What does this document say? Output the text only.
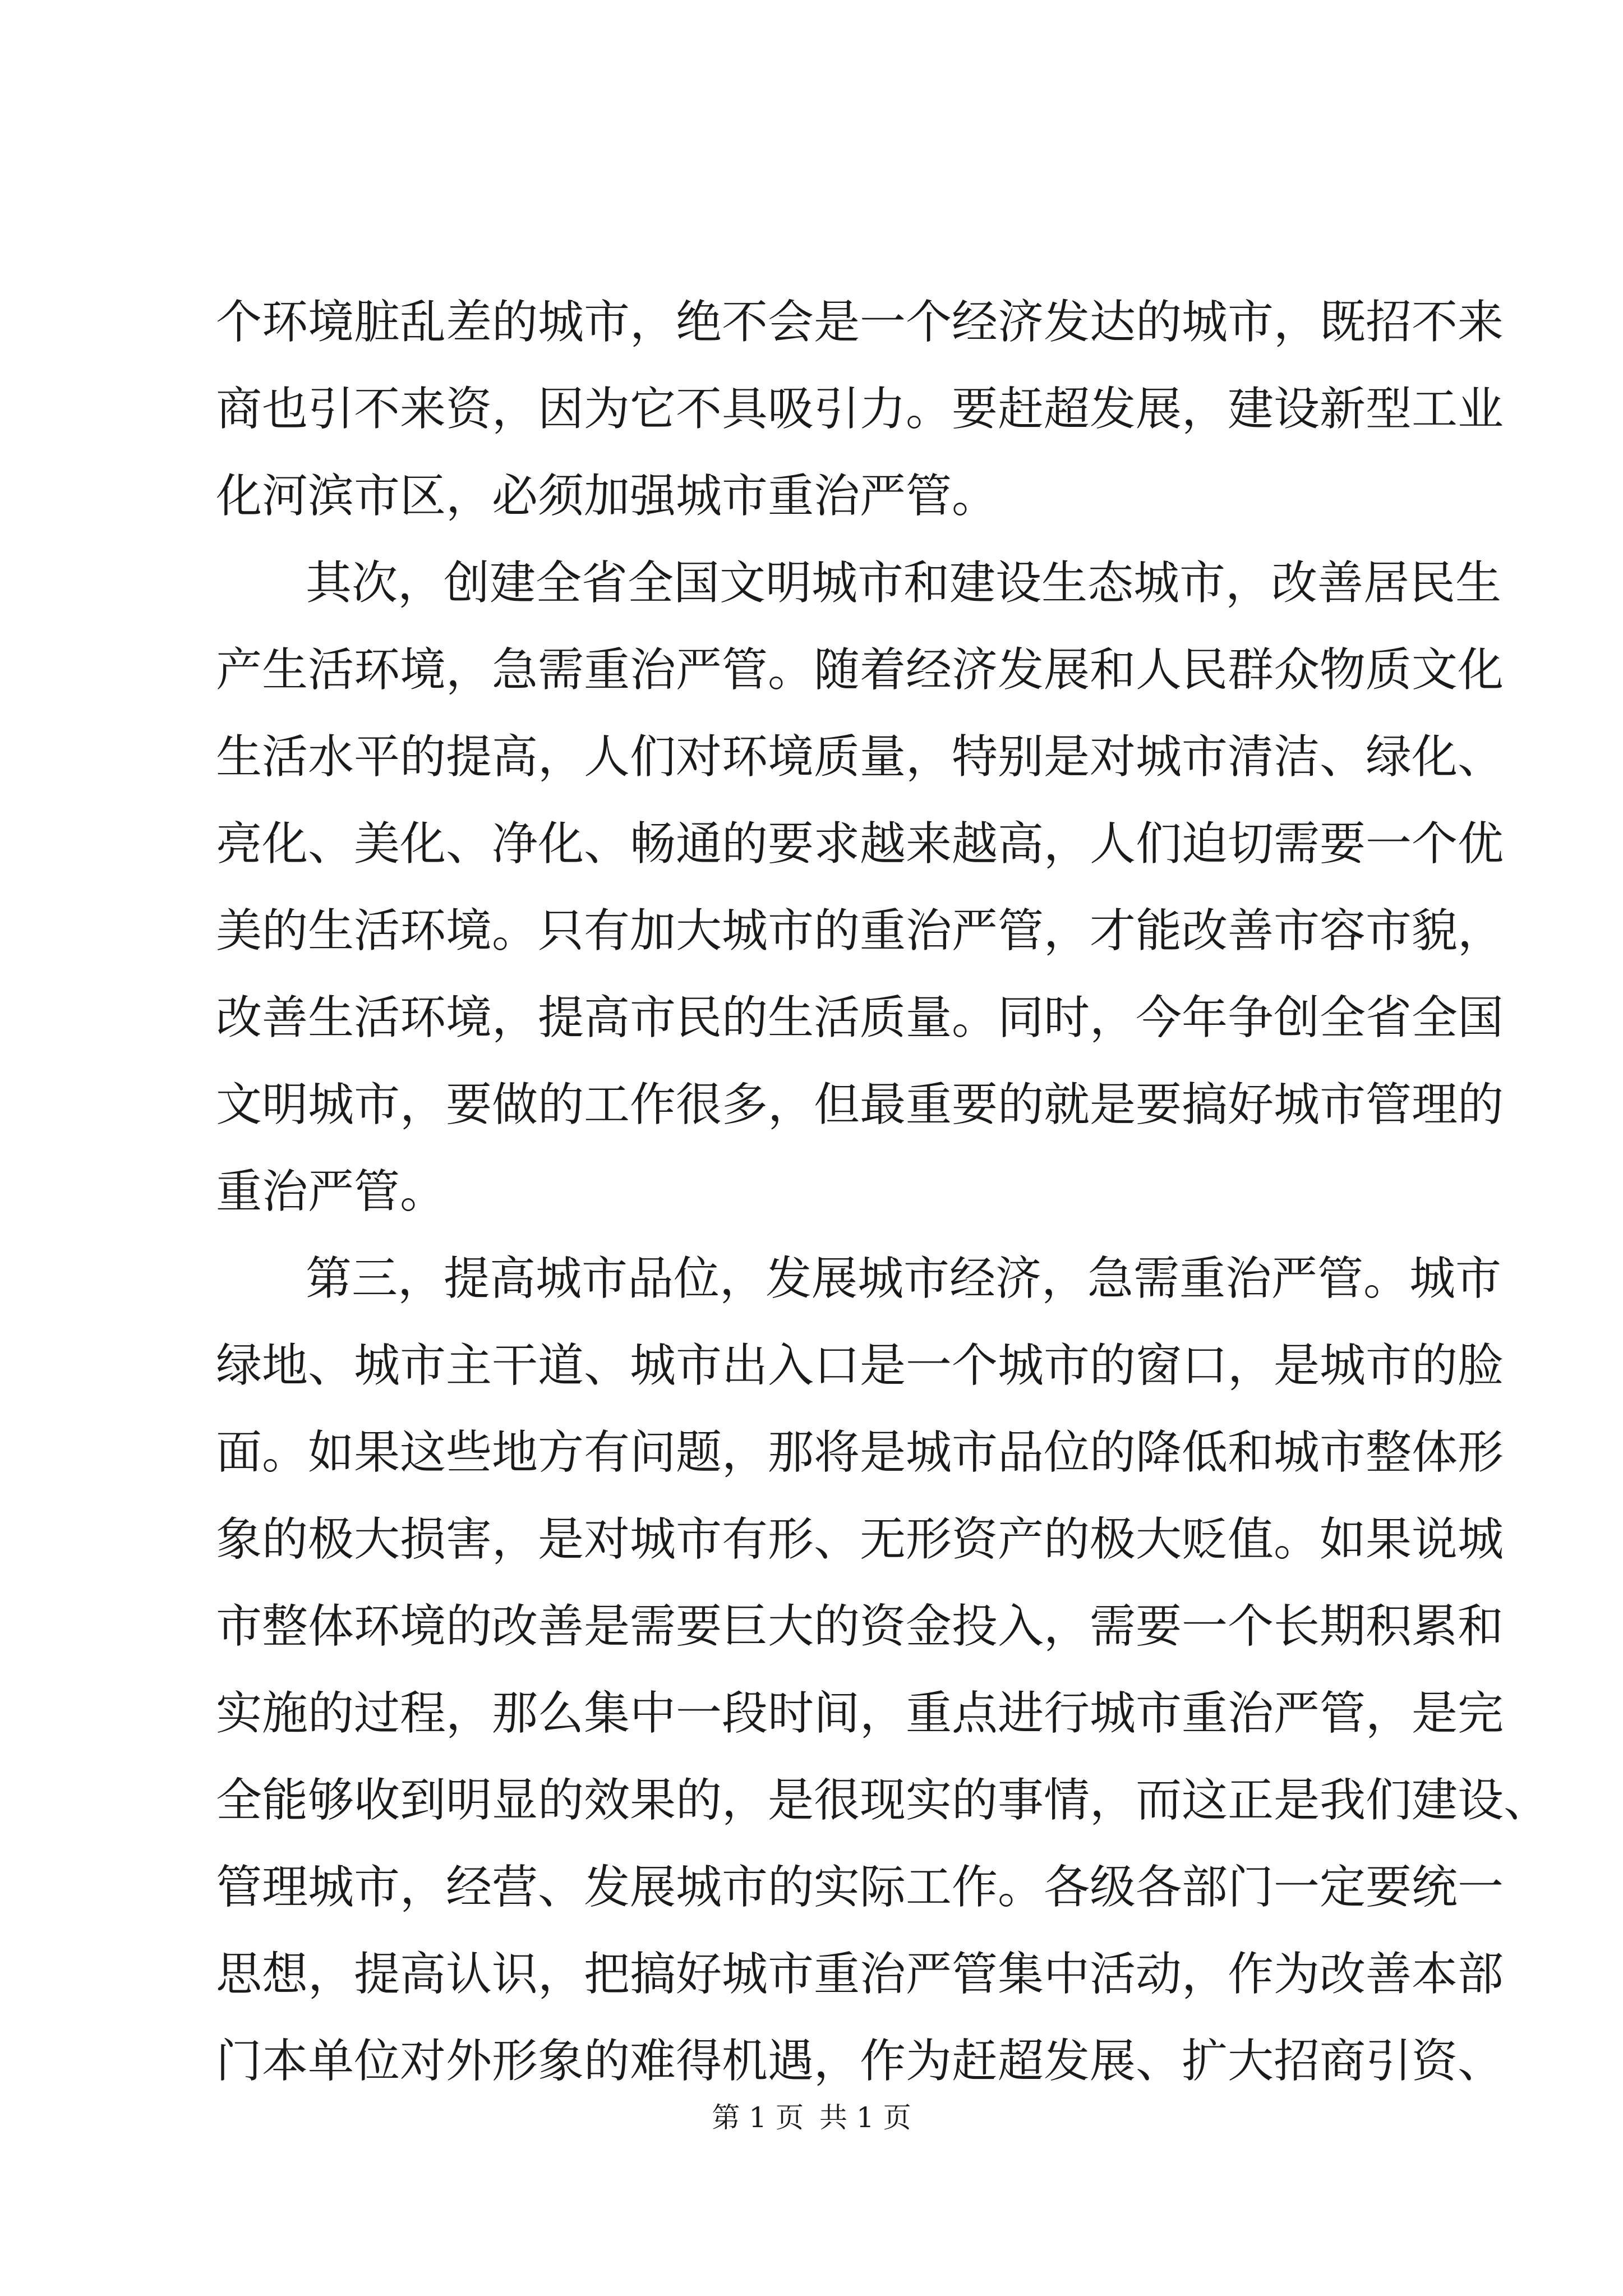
个环境脏乱差的城市，绝不会是一个经济发达的城市，既招不来
商也引不来资，因为它不具吸引力。要赶超发展，建设新型工业
化河滨市区，必须加强城市重治严管。
其次，创建全省全国文明城市和建设生态城市，改善居民生
产生活环境，急需重治严管。随着经济发展和人民群众物质文化
生活水平的提高，人们对环境质量，特别是对城市清洁、绿化、
亮化、美化、净化、畅通的要求越来越高，人们迫切需要一个优
美的生活环境。只有加大城市的重治严管，才能改善市容市貌，
改善生活环境，提高市民的生活质量。同时，今年争创全省全国
文明城市，要做的工作很多，但最重要的就是要搞好城市管理的
重治严管。
第三，提高城市品位，发展城市经济，急需重治严管。城市
绿地、城市主干道、城市出入口是一个城市的窗口，是城市的脸
面。如果这些地方有问题，那将是城市品位的降低和城市整体形
象的极大损害，是对城市有形、无形资产的极大贬值。如果说城
市整体环境的改善是需要巨大的资金投入，需要一个长期积累和
实施的过程，那么集中一段时间，重点进行城市重治严管，是完
全能够收到明显的效果的，是很现实的事情，而这正是我们建设、
管理城市，经营、发展城市的实际工作。各级各部门一定要统一
思想，提高认识，把搞好城市重治严管集中活动，作为改善本部
门本单位对外形象的难得机遇，作为赶超发展、扩大招商引资、
第 1 页 共 1 页
